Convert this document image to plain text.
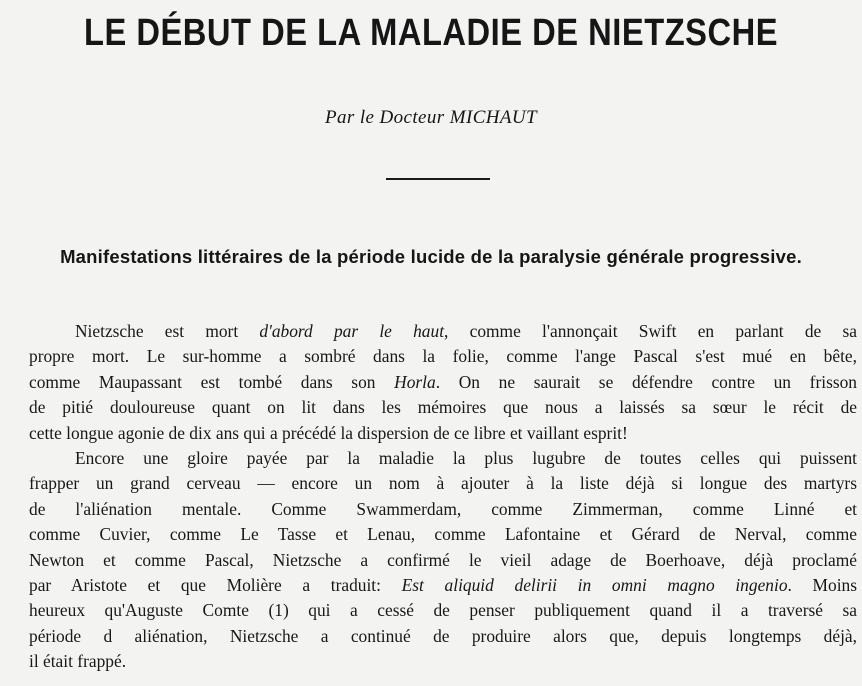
LE DÉBUT DE LA MALADIE DE NIETZSCHE
Par le Docteur MICHAUT
Manifestations littéraires de la période lucide de la paralysie générale progressive.
Nietzsche est mort d'abord par le haut, comme l'annonçait Swift en parlant de sa
propre mort. Le sur-homme a sombré dans la folie, comme l'ange Pascal s'est mué en bête,
comme Maupassant est tombé dans son Horla. On ne saurait se défendre contre un frisson
de pitié douloureuse quant on lit dans les mémoires que nous a laissés sa sœur le récit de
cette longue agonie de dix ans qui a précédé la dispersion de ce libre et vaillant esprit!
Encore une gloire payée par la maladie la plus lugubre de toutes celles qui puissent
frapper un grand cerveau — encore un nom à ajouter à la liste déjà si longue des martyrs
de l'aliénation mentale. Comme Swammerdam, comme Zimmerman, comme Linné et
comme Cuvier, comme Le Tasse et Lenau, comme Lafontaine et Gérard de Nerval, comme
Newton et comme Pascal, Nietzsche a confirmé le vieil adage de Boerhoave, déjà proclamé
par Aristote et que Molière a traduit: Est aliquid delirii in omni magno ingenio. Moins
heureux qu'Auguste Comte (1) qui a cessé de penser publiquement quand il a traversé sa
période d aliénation, Nietzsche a continué de produire alors que, depuis longtemps déjà,
il était frappé.
